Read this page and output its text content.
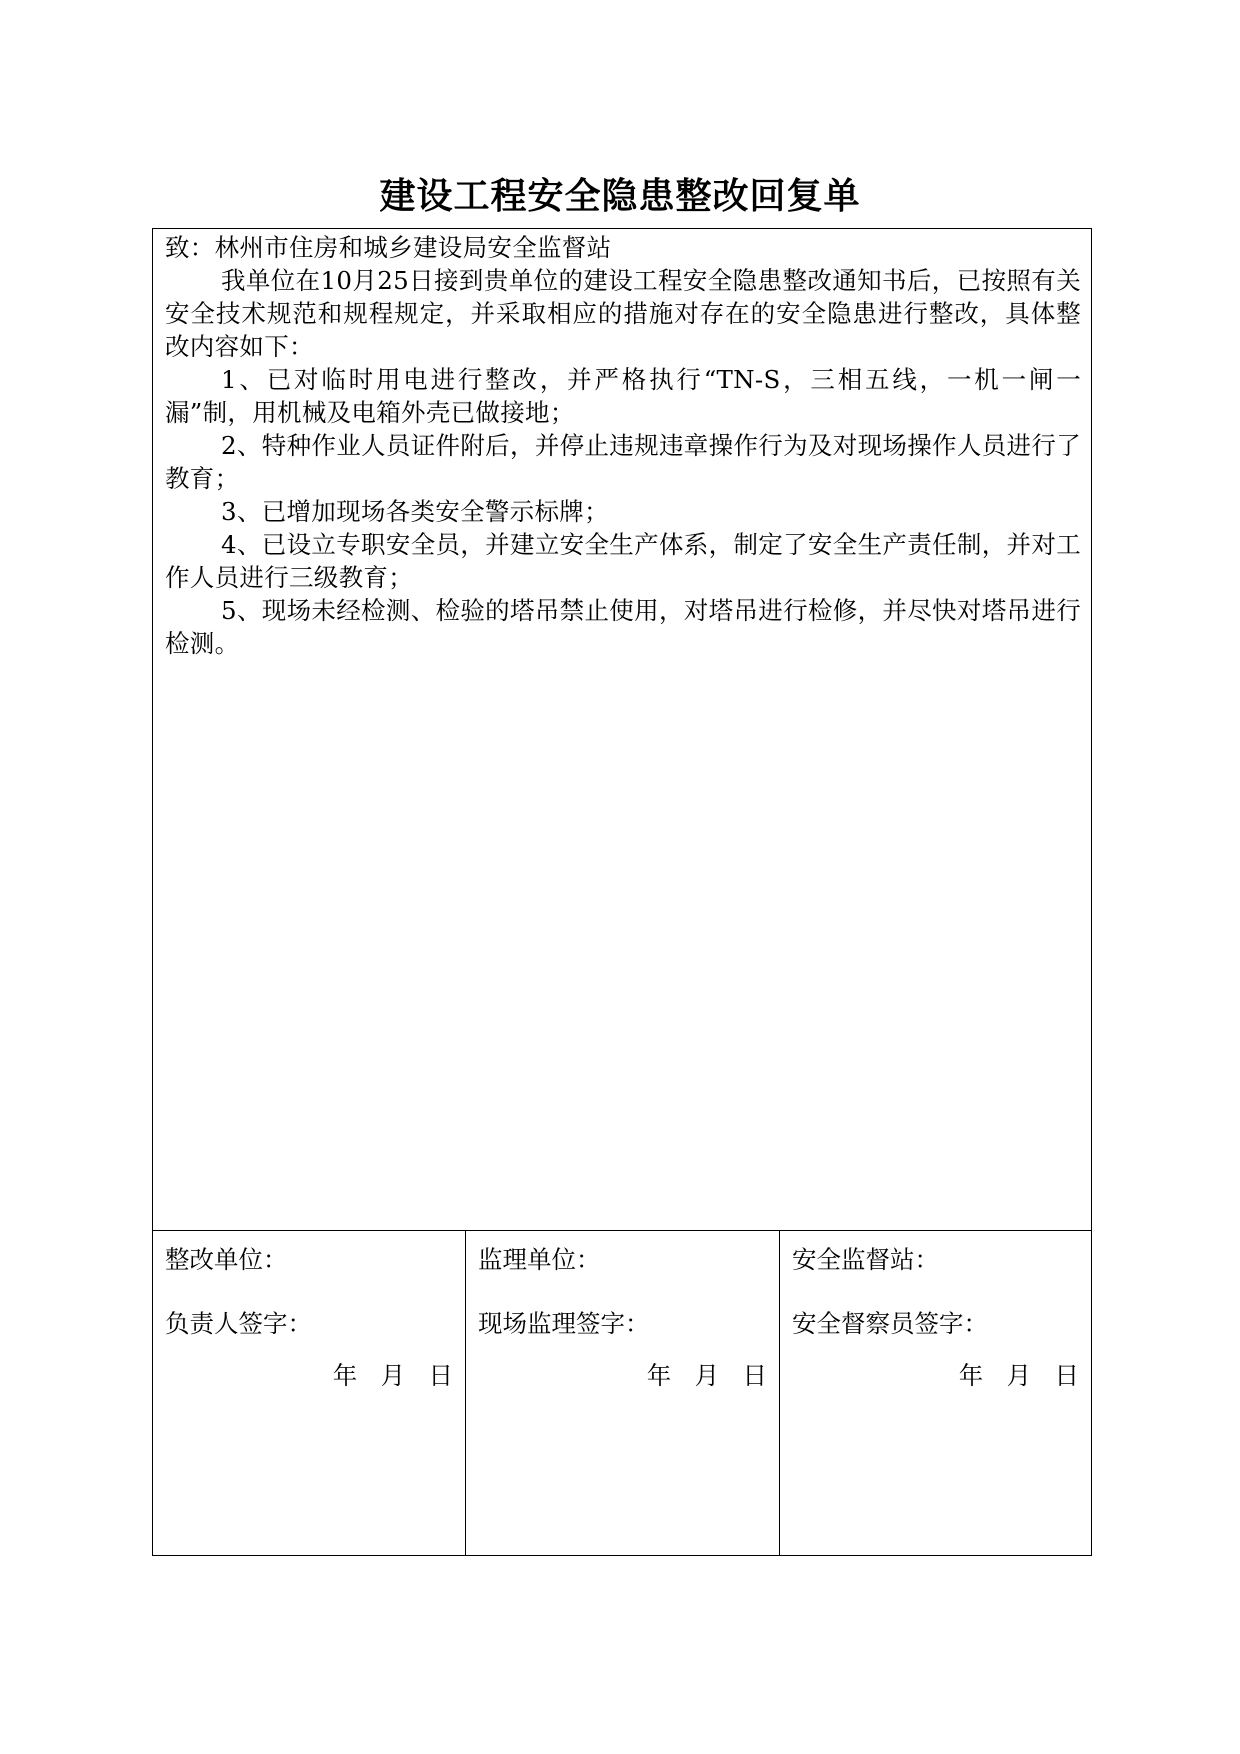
建设工程安全隐患整改回复单

致：林州市住房和城乡建设局安全监督站

我单位在10月25日接到贵单位的建设工程安全隐患整改通知书后，已按照有关安全技术规范和规程规定，并采取相应的措施对存在的安全隐患进行整改，具体整改内容如下：

1、已对临时用电进行整改，并严格执行“TN-S，三相五线，一机一闸一漏”制，用机械及电箱外壳已做接地；

2、特种作业人员证件附后，并停止违规违章操作行为及对现场操作人员进行了教育；

3、已增加现场各类安全警示标牌；

4、已设立专职安全员，并建立安全生产体系，制定了安全生产责任制，并对工作人员进行三级教育；

5、现场未经检测、检验的塔吊禁止使用，对塔吊进行检修，并尽快对塔吊进行检测。

整改单位：
负责人签字：
年   月   日
监理单位：
现场监理签字：
年   月   日
安全监督站：
安全督察员签字：
年   月   日
